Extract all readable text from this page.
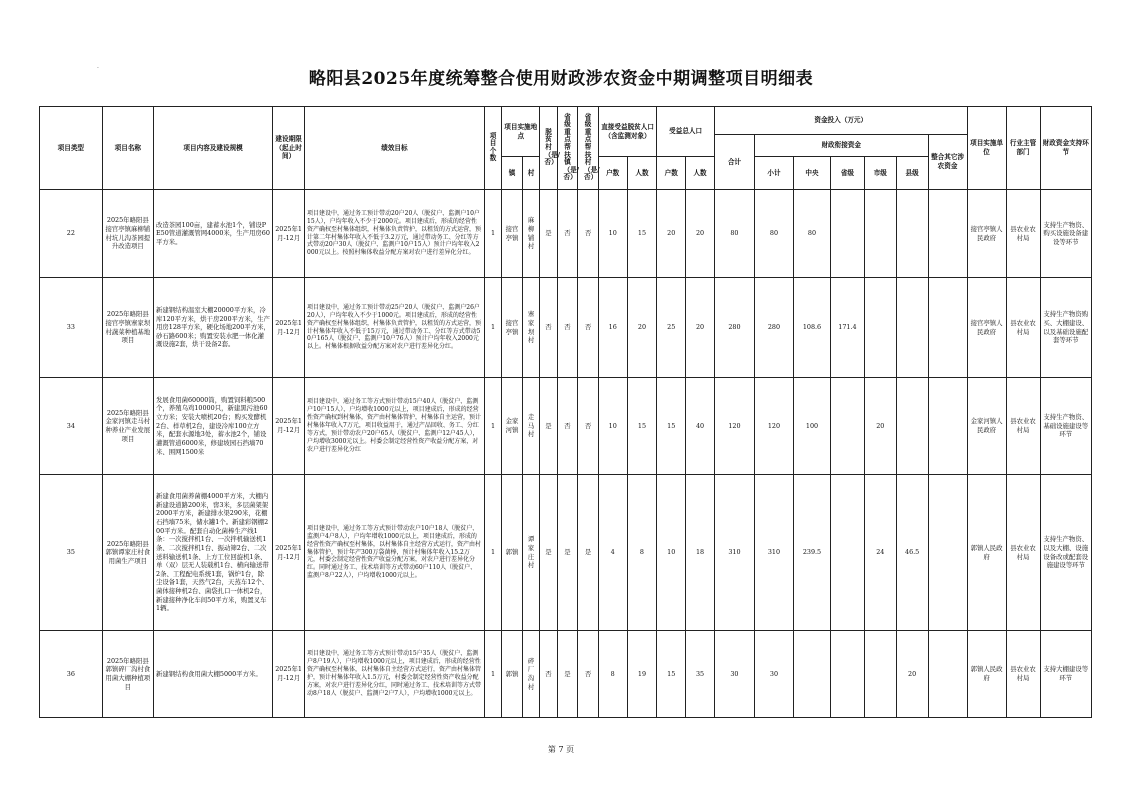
.
略阳县2025年度统筹整合使用财政涉农资金中期调整项目明细表
项目类型	项目名称	项目内容及建设规模	建设期限（起止时间）	绩效目标	项目个数	项目实施地点		脱贫村（是/否）	省级重点帮扶镇（是/否）	省级重点帮扶村（是/否）	直接受益脱贫人口（含监测对象）		受益总人口		资金投入（万元）							项目实施单位	行业主管部门	财政资金支持环节
															合计	财政衔接资金					整合其它涉农资金			
						镇	村				户数	人数	户数	人数		小计	中央	省级	市级	县级				
22	2025年略阳县接官亭镇麻柳铺村坑儿沟茶园提升改造项目	改造茶园100亩，建蓄水池1个，铺设PE50管道灌溉管网4000米，生产用房60平方米。	2025年1月-12月	项目建设中，通过务工预计带动20户20人（脱贫户、监测户10户15人），户均年收入不少于2000元。项目建成后，形成的经营性资产确权至村集体组织，村集体负责管护，以租赁的方式运营，预计第二年村集体年收入不低于3.2万元，通过带动务工、分红等方式带动20户30人（脱贫户、监测户10户15人）预计户均年收入2000元以上。按照村集体收益分配方案对农户进行差异化分红。	1	接官亭镇	麻柳铺村	是	否	否	10	15	20	20	80	80	80					接官亭镇人民政府	县农业农村局	支持生产物资、购买设施设备建设等环节
33	2025年略阳县接官亭镇寨家坝村蔬菜种植基地项目	新建钢结构温室大棚20000平方米，冷库120平方米，烘干房200平方米，生产用房128平方米，硬化场地200平方米，砂石路600米；购置安装水肥一体化灌溉设施2套，烘干设备2套。	2025年1月-12月	项目建设中，通过务工预计带动25户20人（脱贫户、监测户26户20人），户均年收入不少于1000元。项目建成后，形成的经营性资产确权至村集体组织，村集体负责管护，以租赁的方式运营，预计村集体年收入不低于15万元，通过带动务工、分红等方式带动50户165人（脱贫户、监测户10户76人）预计户均年收入2000元以上。村集体根据收益分配方案对农户进行差异化分红。	1	接官亭镇	寨家坝村	否	否	否	16	20	25	20	280	280	108.6	171.4				接官亭镇人民政府	县农业农村局	支持生产物资购买、大棚建设、以及基础设施配套等环节
34	2025年略阳县金家河镇走马村种养业产业发展项目	发展食用菌60000筒，购置饲料粮500个，养殖乌鸡10000只，新建黑污池60立方米；安装大喷机20台；购买发酵机2台、样草机2台，建设冷库100立方米，配套水源地3处，蓄水池2个，铺设灌溉管道6000米，修建坡园石挡墙70米、围网1500米	2025年1月-12月	项目建设中，通过务工等方式预计带动15户40人（脱贫户、监测户10户15人），户均增收1000元以上，项目建成后，形成的经营性资产确权到村集体，资产由村集体管护，村集体自主运营，预计村集体年收入7万元，项目收益用于，通过产品回收、务工、分红等方式，预计带动农户20户65人（脱贫户、监测户12户45人），户均增收3000元以上。村委会制定经营性资产收益分配方案，对农户进行差异化分红	1	金家河镇	走马村	是	否	否	10	15	15	40	120	120	100		20			金家河镇人民政府	县农业农村局	支持生产物资、基础设施建设等环节
35	2025年略阳县郭镇谭家庄村食用菌生产项目	新建食用菌养菌棚4000平方米，大棚内新建设道路200米，窖3米，多层菌架架2000平方米，新建排水渠290米，花棚石挡墙75米，储水罐1个。新建彩钢棚200平方米。配套自动化菌棒生产线1条：一次搅拌机1台、一次拌机输送机1条、二次搅拌机1台、振动筛2台、二次送料输送机1条、上方工位回旋机1条、单（双）层无人装载机1台、横向输送带2条、工程配电系统1套，锅炉1台，除尘设备1套，天然气2台，天蒸车12个、菌体接种机2台、菌袋扎口一体机2台，新建接种净化车间50平方米，购置叉车1辆。	2025年1月-12月	项目建设中，通过务工等方式预计带动农户10户18人（脱贫户、监测户4户8人），户均年增收1000元以上，项目建成后，形成的经营性资产确权至村集体，以村集体自主经营方式运行，资产由村集体管护，预计年产300万袋菌棒，预计村集体年收入15.2万元，村委会制定经营性资产收益分配方案，对农户进行差异化分红。同时通过务工、技术培训等方式带动60户110人（脱贫户、监测户8户22人），户均增收1000元以上。	1	郭镇	谭家庄村	是	是	是	4	8	10	18	310	310	239.5		24	46.5		郭镇人民政府	县农业农村局	支持生产物资、以及大棚、设施设备改或配套设施建设等环节
36	2025年略阳县郭镇碎厂沟村食用菌大棚种植项目	新建钢结构食用菌大棚5000平方米。	2025年1月-12月	项目建设中，通过务工等方式预计带动15户35人（脱贫户、监测户8户19人），户均增收1000元以上，项目建成后，形成的经营性资产确权至村集体，以村集体自主经营方式运行，资产由村集体管护，预计村集体年收入1.5万元，村委会制定经营性资产收益分配方案，对农户进行差异化分红，同时通过务工、技术培训等方式带动8户18人（脱贫户、监测户2户7人），户均增收1000元以上。	1	郭镇	碎厂沟村	否	是	否	8	19	15	35	30	30				20		郭镇人民政府	县农业农村局	支持大棚建设等环节
第 7 页
